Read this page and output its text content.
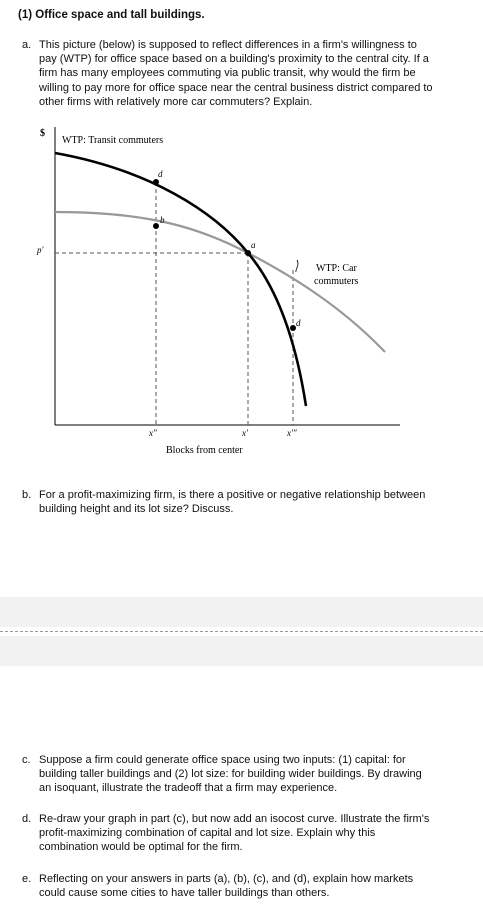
(1) Office space and tall buildings.
a. This picture (below) is supposed to reflect differences in a firm's willingness to
pay (WTP) for office space based on a building's proximity to the central city. If a
firm has many employees commuting via public transit, why would the firm be
willing to pay more for office space near the central business district compared to
other firms with relatively more car commuters? Explain.
$
p'
d
b
a
d
WTP: Transit commuters
WTP: Car
commuters
x"	x'	x'"
Blocks from center
b. For a profit-maximizing firm, is there a positive or negative relationship between
building height and its lot size? Discuss.
c. Suppose a firm could generate office space using two inputs: (1) capital: for
building taller buildings and (2) lot size: for building wider buildings. By drawing
an isoquant, illustrate the tradeoff that a firm may experience.
d. Re-draw your graph in part (c), but now add an isocost curve. Illustrate the firm's
profit-maximizing combination of capital and lot size. Explain why this
combination would be optimal for the firm.
e. Reflecting on your answers in parts (a), (b), (c), and (d), explain how markets
could cause some cities to have taller buildings than others.
